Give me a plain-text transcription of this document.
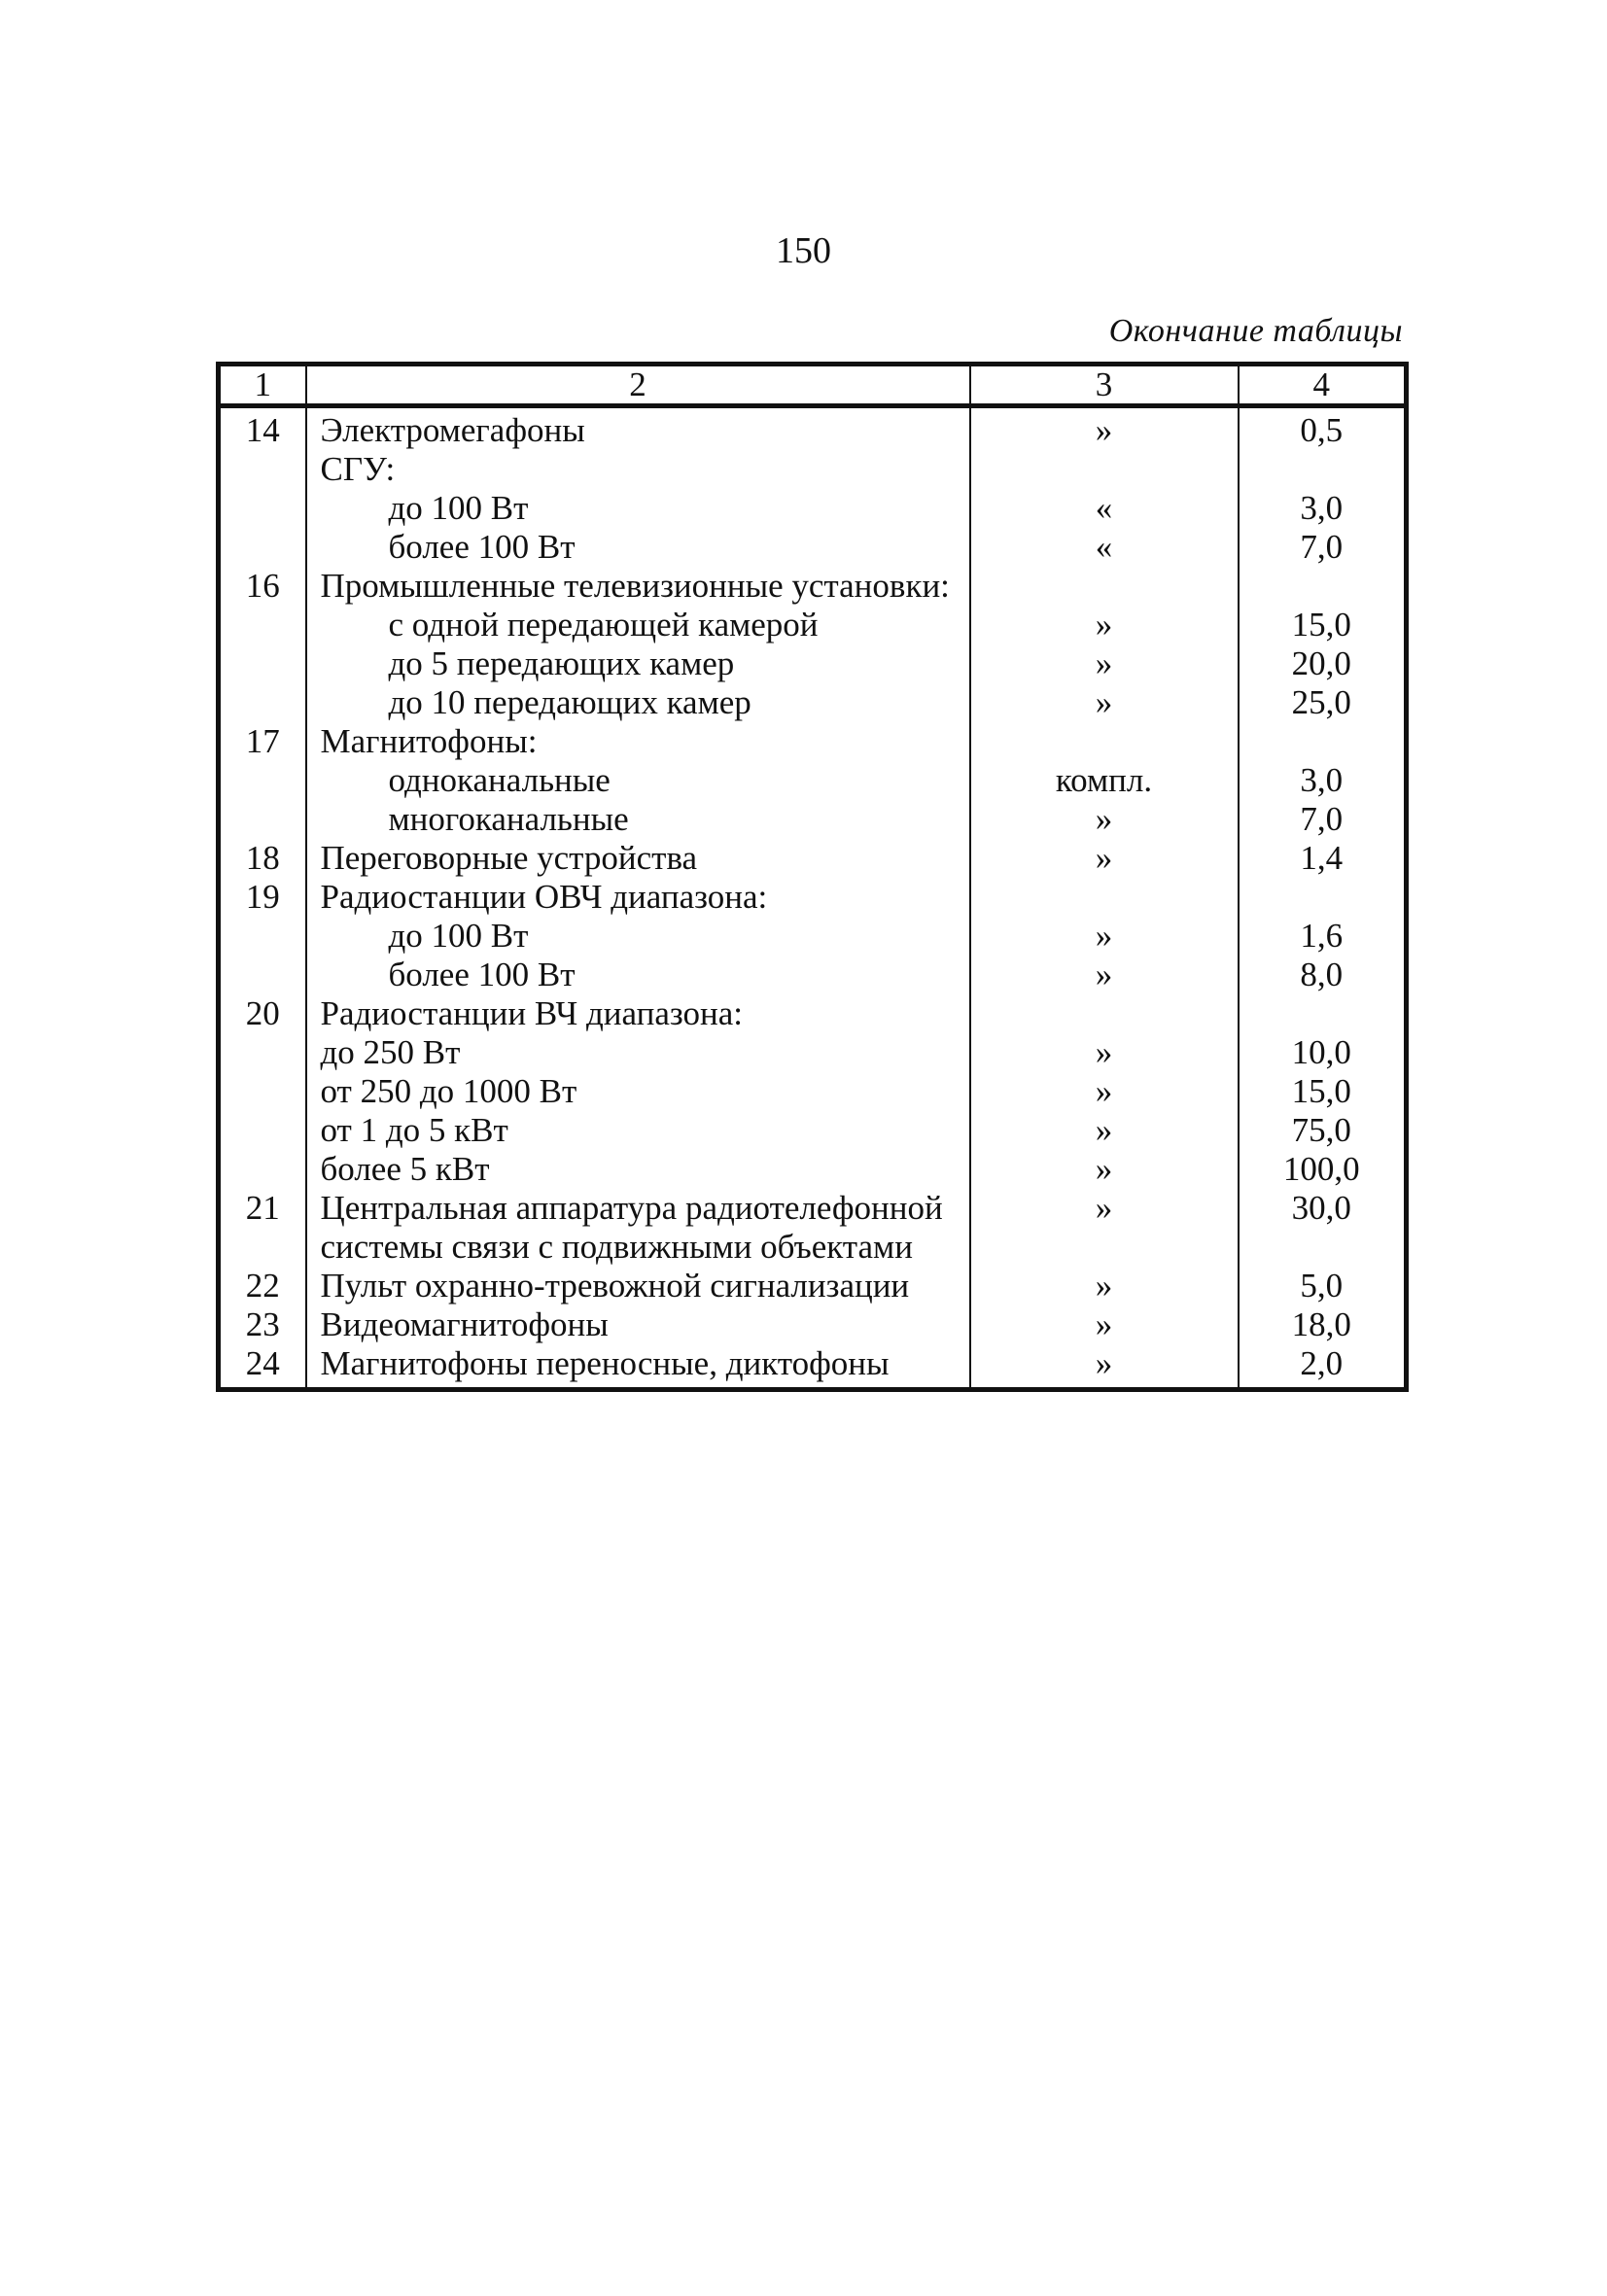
150
Окончание таблицы
1	2	3	4
14	Электромегафоны	»	0,5
	СГУ:		
	до 100 Вт	«	3,0
	более 100 Вт	«	7,0
16	Промышленные телевизионные установки:		
	с одной передающей камерой	»	15,0
	до 5 передающих камер	»	20,0
	до 10 передающих камер	»	25,0
17	Магнитофоны:		
	одноканальные	компл.	3,0
	многоканальные	»	7,0
18	Переговорные устройства	»	1,4
19	Радиостанции ОВЧ диапазона:		
	до 100 Вт	»	1,6
	более 100 Вт	»	8,0
20	Радиостанции ВЧ диапазона:		
	до 250 Вт	»	10,0
	от 250 до 1000 Вт	»	15,0
	от 1 до 5 кВт	»	75,0
	более 5 кВт	»	100,0
21	Центральная аппаратура радиотелефонной системы связи с подвижными объектами	»	30,0
22	Пульт охранно-тревожной сигнализации	»	5,0
23	Видеомагнитофоны	»	18,0
24	Магнитофоны переносные, диктофоны	»	2,0
